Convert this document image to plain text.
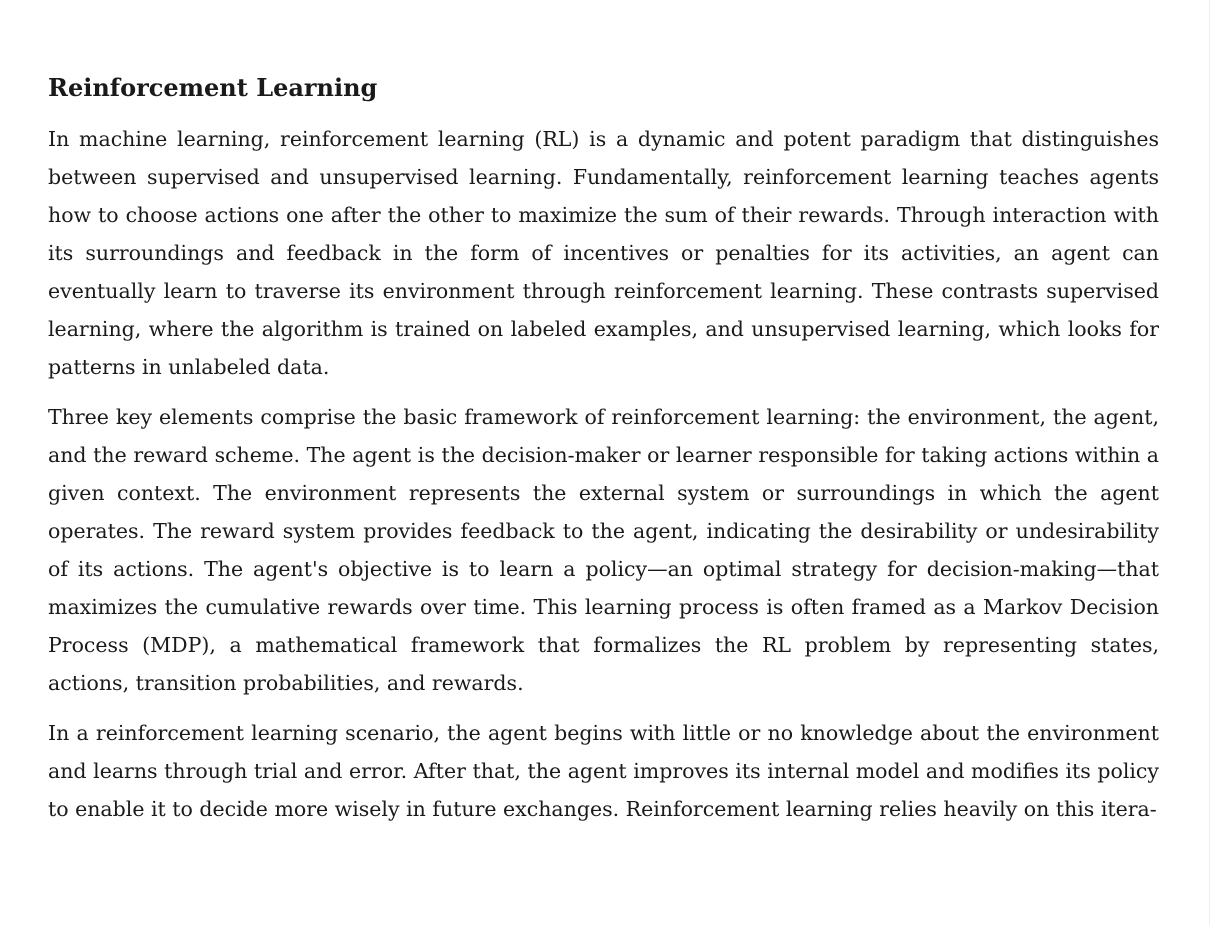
Reinforcement Learning

In machine learning, reinforcement learning (RL) is a dynamic and potent paradigm that distinguishes between supervised and unsupervised learning. Fundamentally, reinforcement learning teaches agents how to choose actions one after the other to maximize the sum of their rewards. Through interaction with its surroundings and feedback in the form of incentives or penalties for its activities, an agent can eventually learn to traverse its environment through reinforcement learning. These contrasts supervised learning, where the algorithm is trained on labeled examples, and unsupervised learning, which looks for patterns in unlabeled data.

Three key elements comprise the basic framework of reinforcement learning: the environment, the agent, and the reward scheme. The agent is the decision-maker or learner responsible for taking actions within a given context. The environment represents the external system or surroundings in which the agent operates. The reward system provides feedback to the agent, indicating the desirability or undesirability of its actions. The agent's objective is to learn a policy—an optimal strategy for decision-making—that maximizes the cumulative rewards over time. This learning process is often framed as a Markov Decision Process (MDP), a mathematical framework that formalizes the RL problem by representing states, actions, transition probabilities, and rewards.

In a reinforcement learning scenario, the agent begins with little or no knowledge about the environment and learns through trial and error. After that, the agent improves its internal model and modifies its policy to enable it to decide more wisely in future exchanges. Reinforcement learning relies heavily on this itera-
